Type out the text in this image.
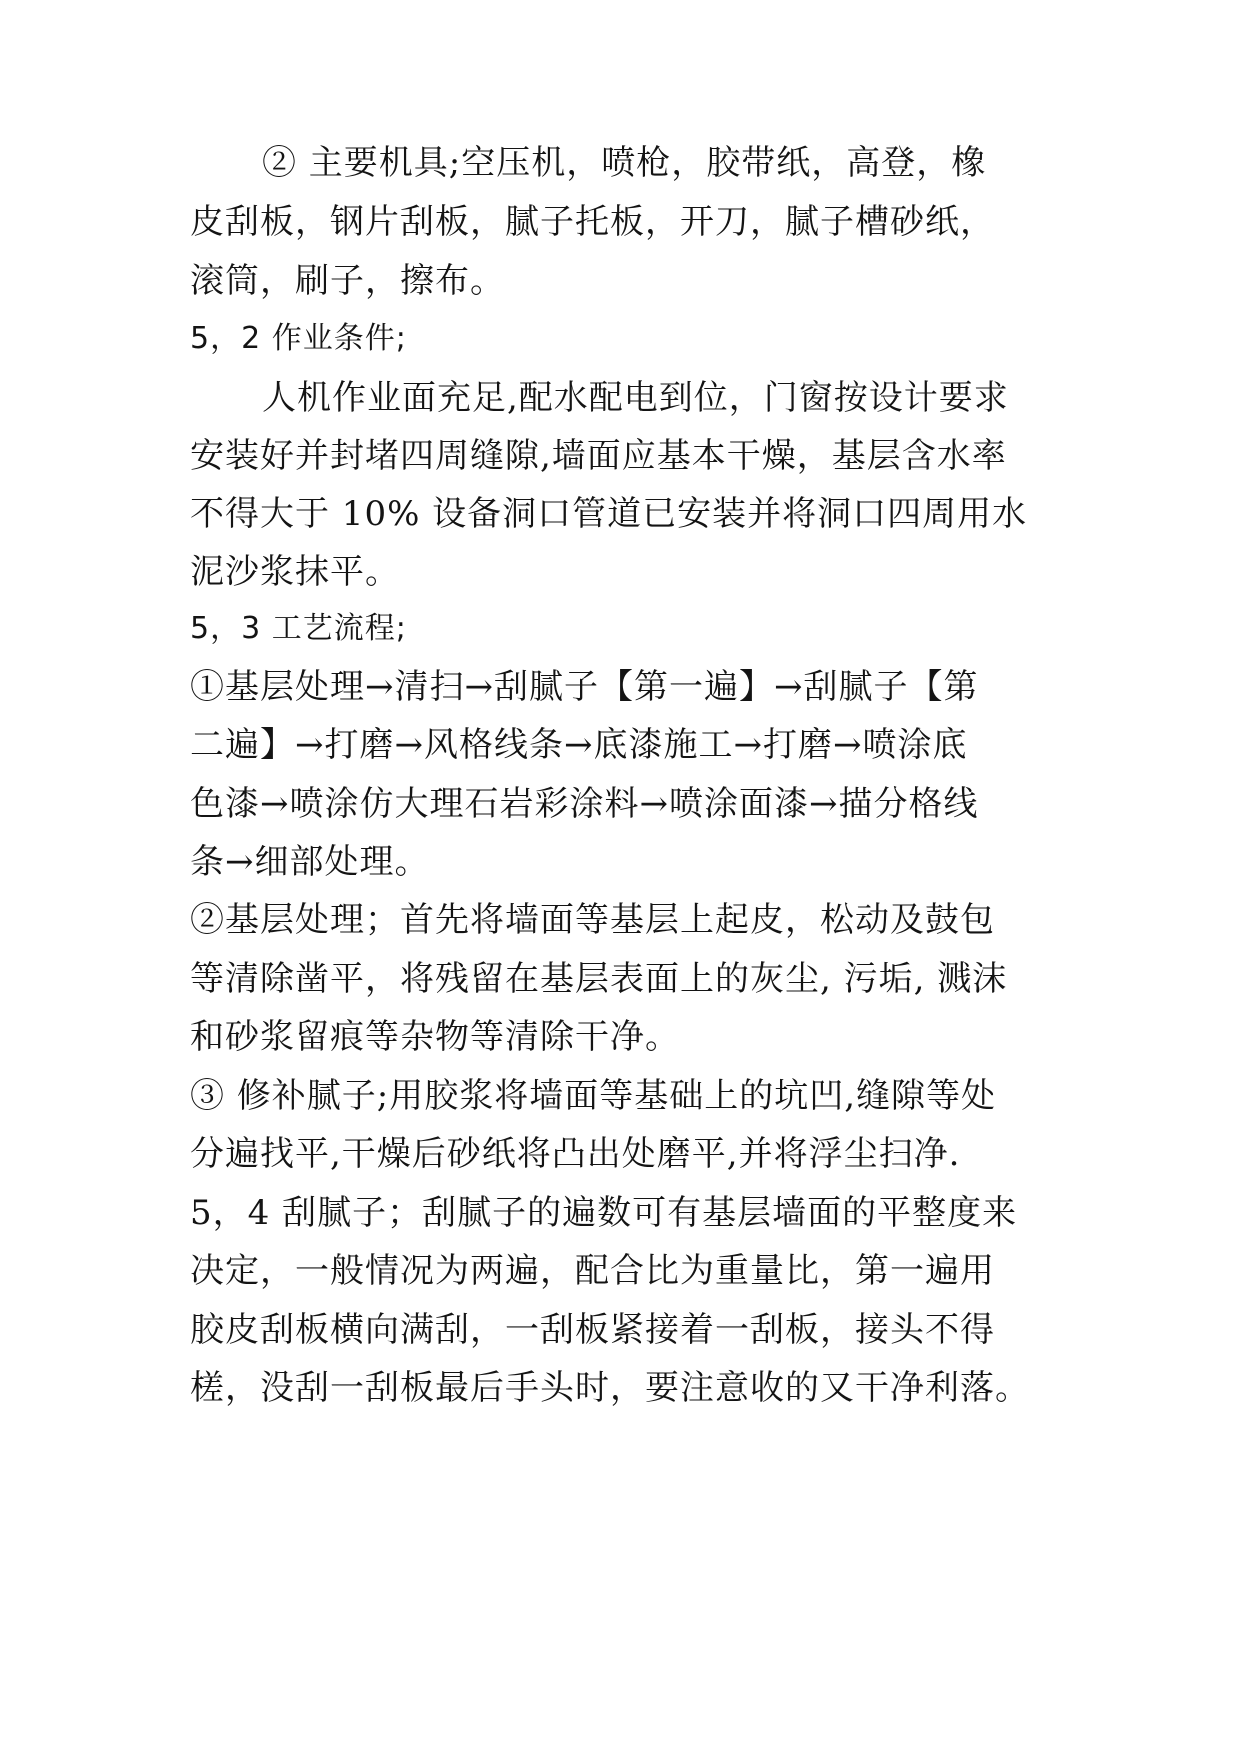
② 主要机具;空压机，喷枪，胶带纸，高登，橡
皮刮板，钢片刮板，腻子托板，开刀，腻子槽砂纸，
滚筒，刷子，擦布。
5，2 作业条件;
人机作业面充足,配水配电到位，门窗按设计要求
安装好并封堵四周缝隙,墙面应基本干燥，基层含水率
不得大于 10% 设备洞口管道已安装并将洞口四周用水
泥沙浆抹平。
5，3 工艺流程;
①基层处理→清扫→刮腻子【第一遍】→刮腻子【第
二遍】→打磨→风格线条→底漆施工→打磨→喷涂底
色漆→喷涂仿大理石岩彩涂料→喷涂面漆→描分格线
条→细部处理。
②基层处理；首先将墙面等基层上起皮，松动及鼓包
等清除凿平，将残留在基层表面上的灰尘, 污垢, 溅沫
和砂浆留痕等杂物等清除干净。
③ 修补腻子;用胶浆将墙面等基础上的坑凹,缝隙等处
分遍找平,干燥后砂纸将凸出处磨平,并将浮尘扫净.
5，4 刮腻子；刮腻子的遍数可有基层墙面的平整度来
决定，一般情况为两遍，配合比为重量比，第一遍用
胶皮刮板横向满刮，一刮板紧接着一刮板，接头不得
槎，没刮一刮板最后手头时，要注意收的又干净利落。
